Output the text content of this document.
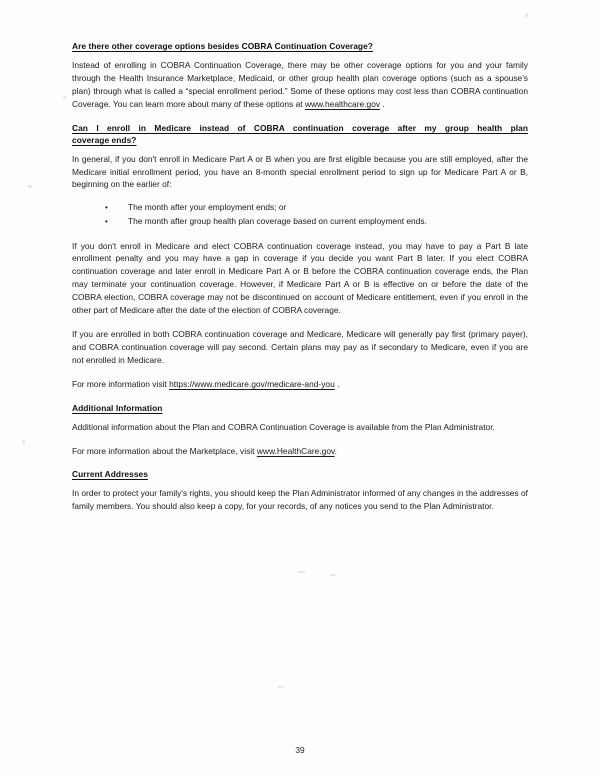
Are there other coverage options besides COBRA Continuation Coverage?

Instead of enrolling in COBRA Continuation Coverage, there may be other coverage options for you and your family through the Health Insurance Marketplace, Medicaid, or other group health plan coverage options (such as a spouse's plan) through what is called a “special enrollment period.” Some of these options may cost less than COBRA continuation Coverage. You can learn more about many of these options at www.healthcare.gov .

Can I enroll in Medicare instead of COBRA continuation coverage after my group health plan
coverage ends?

In general, if you don't enroll in Medicare Part A or B when you are first eligible because you are still employed, after the Medicare initial enrollment period, you have an 8-month special enrollment period to sign up for Medicare Part A or B, beginning on the earlier of:

• The month after your employment ends; or
• The month after group health plan coverage based on current employment ends.

If you don't enroll in Medicare and elect COBRA continuation coverage instead, you may have to pay a Part B late enrollment penalty and you may have a gap in coverage if you decide you want Part B later. If you elect COBRA continuation coverage and later enroll in Medicare Part A or B before the COBRA continuation coverage ends, the Plan may terminate your continuation coverage. However, if Medicare Part A or B is effective on or before the date of the COBRA election, COBRA coverage may not be discontinued on account of Medicare entitlement, even if you enroll in the other part of Medicare after the date of the election of COBRA coverage.

If you are enrolled in both COBRA continuation coverage and Medicare, Medicare will generally pay first (primary payer), and COBRA continuation coverage will pay second. Certain plans may pay as if secondary to Medicare, even if you are not enrolled in Medicare.

For more information visit https://www.medicare.gov/medicare-and-you .

Additional Information

Additional information about the Plan and COBRA Continuation Coverage is available from the Plan Administrator.

For more information about the Marketplace, visit www.HealthCare.gov.

Current Addresses

In order to protect your family's rights, you should keep the Plan Administrator informed of any changes in the addresses of family members. You should also keep a copy, for your records, of any notices you send to the Plan Administrator.

39
